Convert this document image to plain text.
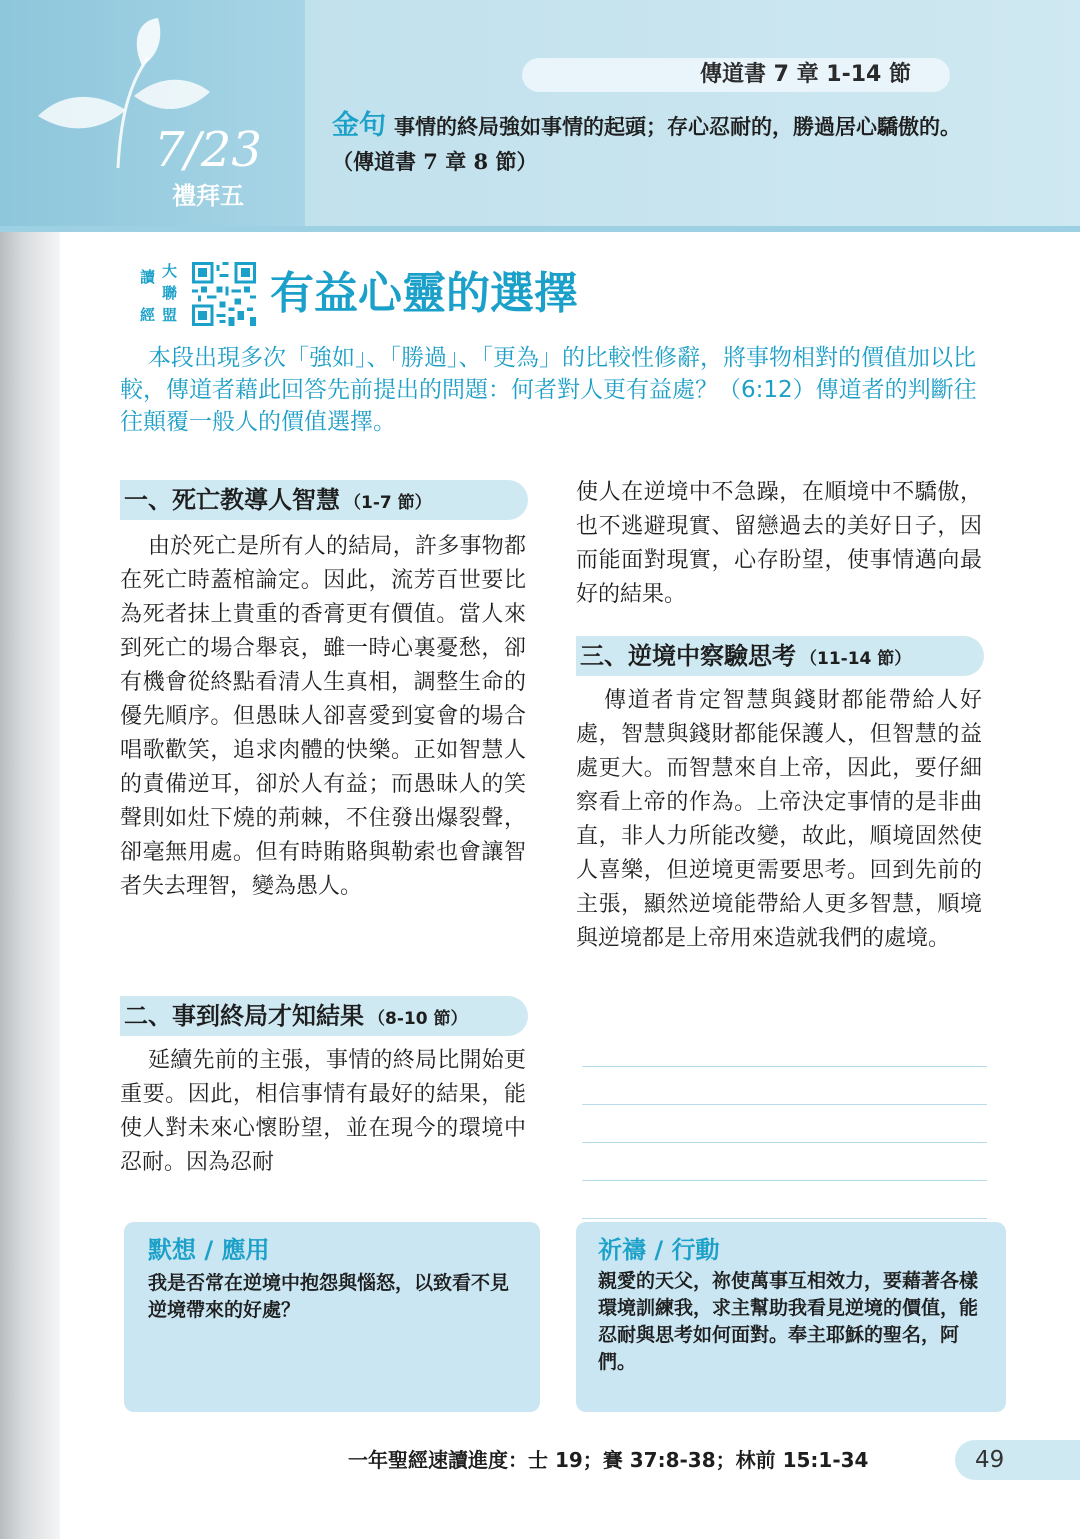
7/23
禮拜五
傳道書 7 章 1-14 節
金句 事情的終局強如事情的起頭；存心忍耐的，勝過居心驕傲的。（傳道書 7 章 8 節）
讀 大
聯
經 盟 有益心靈的選擇
本段出現多次「強如」、「勝過」、「更為」的比較性修辭，將事物相對的價值加以比較，傳道者藉此回答先前提出的問題：何者對人更有益處？（6:12）傳道者的判斷往往顛覆一般人的價值選擇。
一、死亡教導人智慧 （1-7 節）
由於死亡是所有人的結局，許多事物都在死亡時蓋棺論定。因此，流芳百世要比為死者抹上貴重的香膏更有價值。當人來到死亡的場合舉哀，雖一時心裏憂愁，卻有機會從終點看清人生真相，調整生命的優先順序。但愚昧人卻喜愛到宴會的場合唱歌歡笑，追求肉體的快樂。正如智慧人的責備逆耳，卻於人有益；而愚昧人的笑聲則如灶下燒的荊棘，不住發出爆裂聲，卻毫無用處。但有時賄賂與勒索也會讓智者失去理智，變為愚人。
二、事到終局才知結果 （8-10 節）
延續先前的主張，事情的終局比開始更重要。因此，相信事情有最好的結果，能使人對未來心懷盼望，並在現今的環境中忍耐。因為忍耐
使人在逆境中不急躁，在順境中不驕傲，也不逃避現實、留戀過去的美好日子，因而能面對現實，心存盼望，使事情邁向最好的結果。
三、逆境中察驗思考 （11-14 節）
傳道者肯定智慧與錢財都能帶給人好處，智慧與錢財都能保護人，但智慧的益處更大。而智慧來自上帝，因此，要仔細察看上帝的作為。上帝決定事情的是非曲直，非人力所能改變，故此，順境固然使人喜樂，但逆境更需要思考。回到先前的主張，顯然逆境能帶給人更多智慧，順境與逆境都是上帝用來造就我們的處境。
默想 / 應用
我是否常在逆境中抱怨與惱怒，以致看不見逆境帶來的好處？
祈禱 / 行動
親愛的天父，祢使萬事互相效力，要藉著各樣環境訓練我，求主幫助我看見逆境的價值，能忍耐與思考如何面對。奉主耶穌的聖名，阿們。
一年聖經速讀進度：士 19；賽 37:8-38；林前 15:1-34	49
